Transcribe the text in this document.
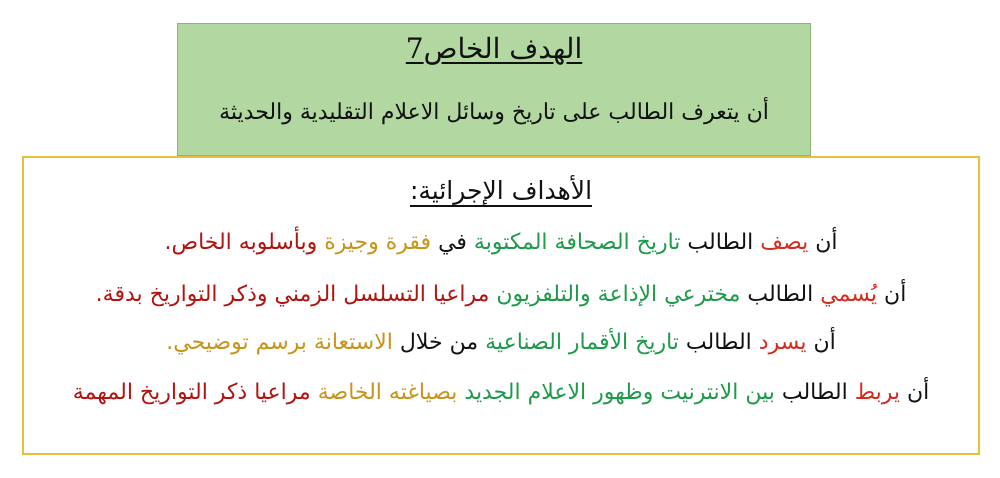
الهدف الخاص7
أن يتعرف الطالب على تاريخ وسائل الاعلام التقليدية والحديثة
الأهداف الإجرائية:
أن يصف الطالب تاريخ الصحافة المكتوبة في فقرة وجيزة وبأسلوبه الخاص.
أن يُسمي الطالب مخترعي الإذاعة والتلفزيون مراعيا التسلسل الزمني وذكر التواريخ بدقة.
أن يسرد الطالب تاريخ الأقمار الصناعية من خلال الاستعانة برسم توضيحي.
أن يربط الطالب بين الانترنيت وظهور الاعلام الجديد بصياغته الخاصة مراعيا ذكر التواريخ المهمة
